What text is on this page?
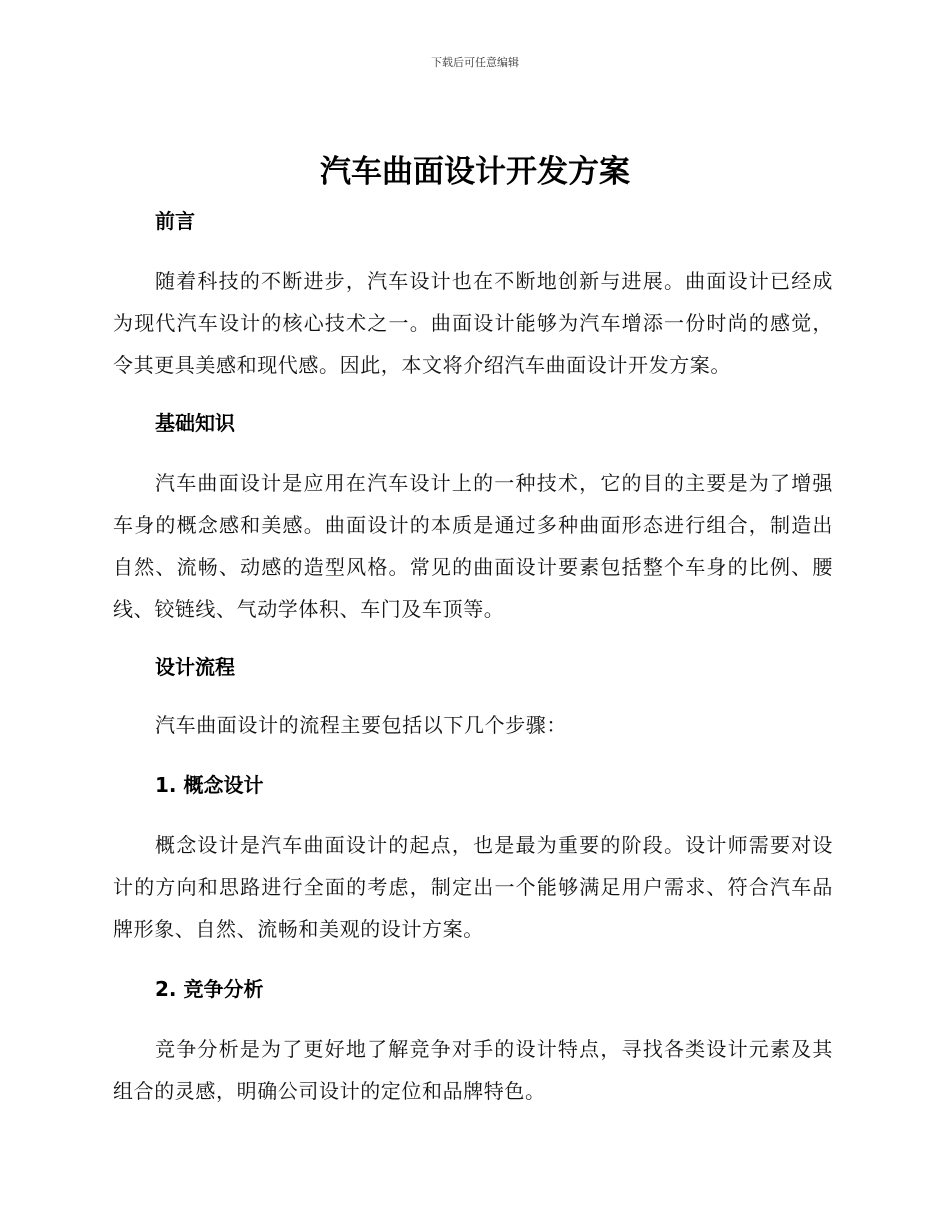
下载后可任意编辑
汽车曲面设计开发方案
前言

随着科技的不断进步，汽车设计也在不断地创新与进展。曲面设计已经成为现代汽车设计的核心技术之一。曲面设计能够为汽车增添一份时尚的感觉，令其更具美感和现代感。因此，本文将介绍汽车曲面设计开发方案。

基础知识

汽车曲面设计是应用在汽车设计上的一种技术，它的目的主要是为了增强车身的概念感和美感。曲面设计的本质是通过多种曲面形态进行组合，制造出自然、流畅、动感的造型风格。常见的曲面设计要素包括整个车身的比例、腰线、铰链线、气动学体积、车门及车顶等。

设计流程

汽车曲面设计的流程主要包括以下几个步骤：

1. 概念设计

概念设计是汽车曲面设计的起点，也是最为重要的阶段。设计师需要对设计的方向和思路进行全面的考虑，制定出一个能够满足用户需求、符合汽车品牌形象、自然、流畅和美观的设计方案。

2. 竞争分析

竞争分析是为了更好地了解竞争对手的设计特点，寻找各类设计元素及其组合的灵感，明确公司设计的定位和品牌特色。
